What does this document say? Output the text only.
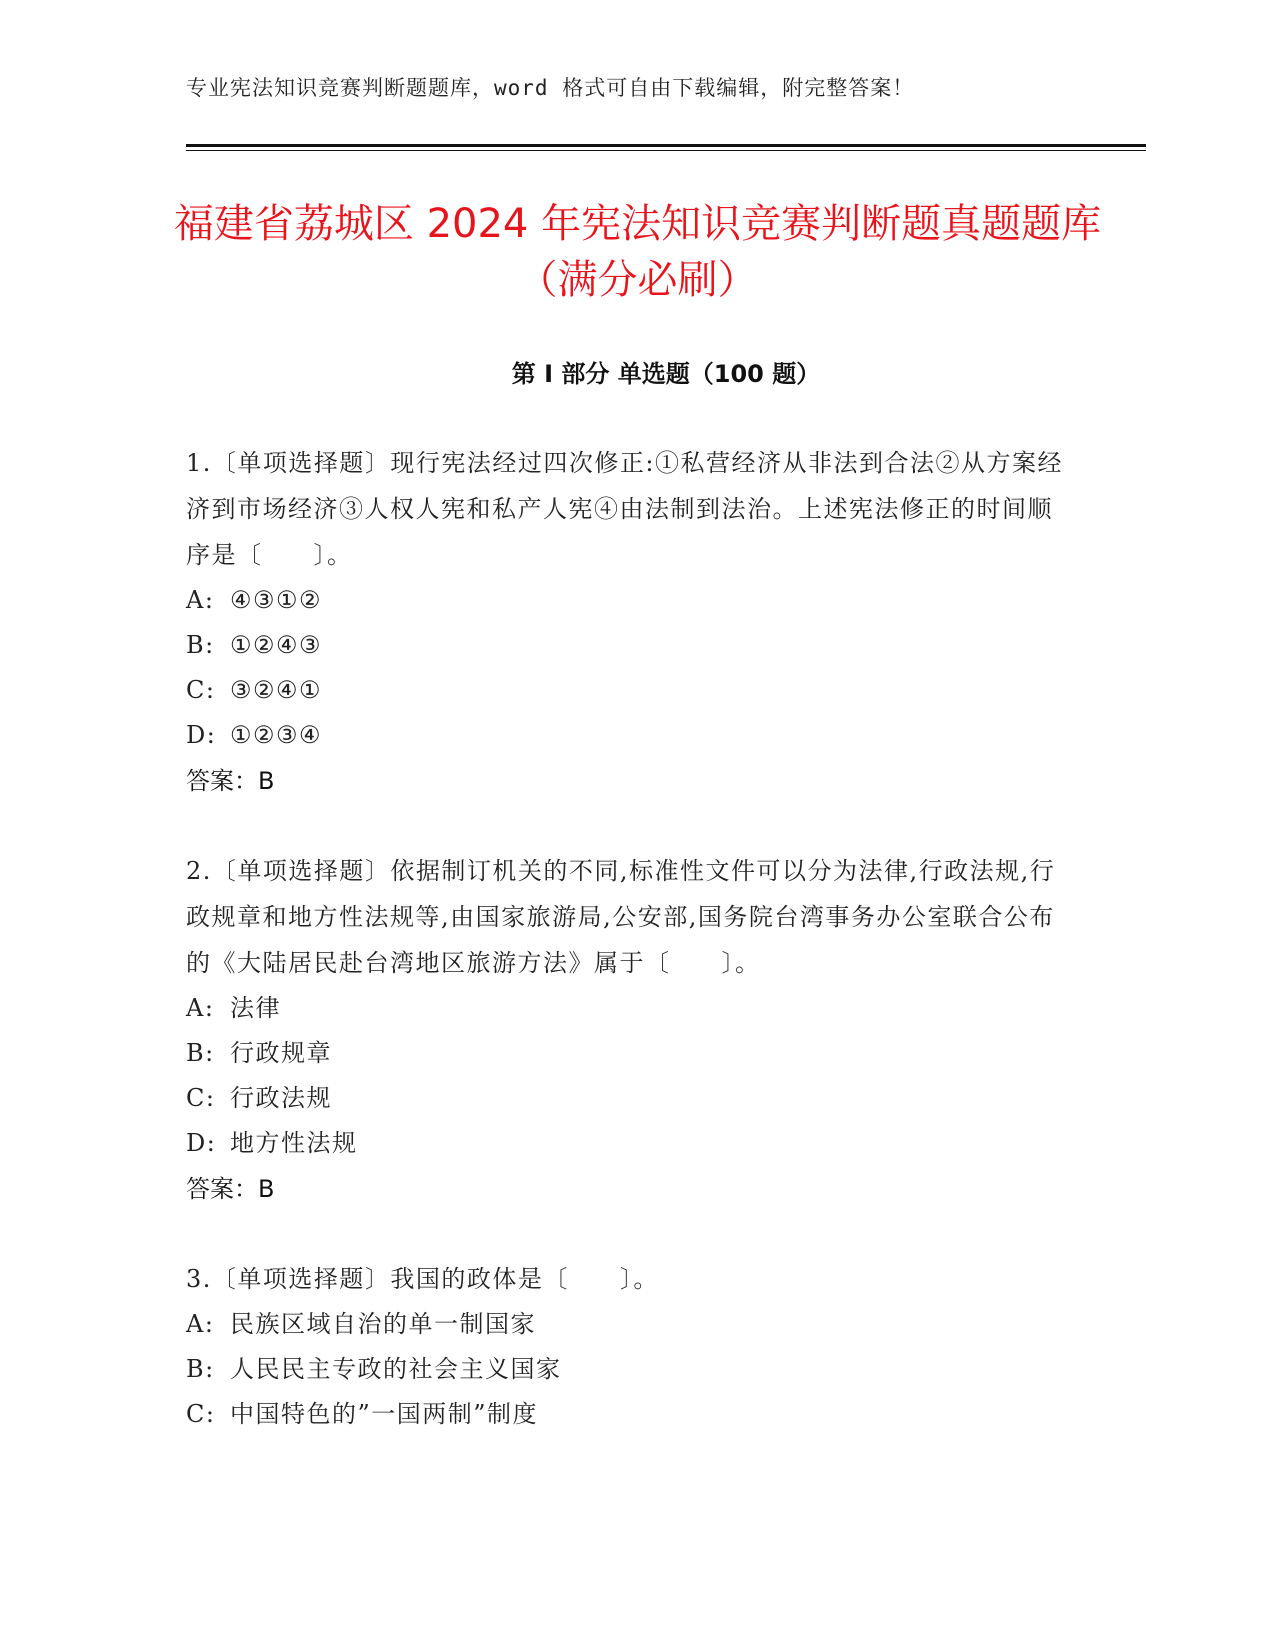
专业宪法知识竞赛判断题题库，word 格式可自由下载编辑，附完整答案！
福建省荔城区 2024 年宪法知识竞赛判断题真题题库（满分必刷）
第 I 部分 单选题（100 题）

1.〔单项选择题〕现行宪法经过四次修正:①私营经济从非法到合法②从方案经济到市场经济③人权人宪和私产人宪④由法制到法治。上述宪法修正的时间顺序是〔　　〕。

A: ④③①②
B: ①②④③
C: ③②④①
D: ①②③④
答案：B

2.〔单项选择题〕依据制订机关的不同,标准性文件可以分为法律,行政法规,行政规章和地方性法规等,由国家旅游局,公安部,国务院台湾事务办公室联合公布的《大陆居民赴台湾地区旅游方法》属于〔　　〕。

A: 法律
B: 行政规章
C: 行政法规
D: 地方性法规
答案：B

3.〔单项选择题〕我国的政体是〔　　〕。

A: 民族区域自治的单一制国家
B: 人民民主专政的社会主义国家
C: 中国特色的”一国两制”制度
